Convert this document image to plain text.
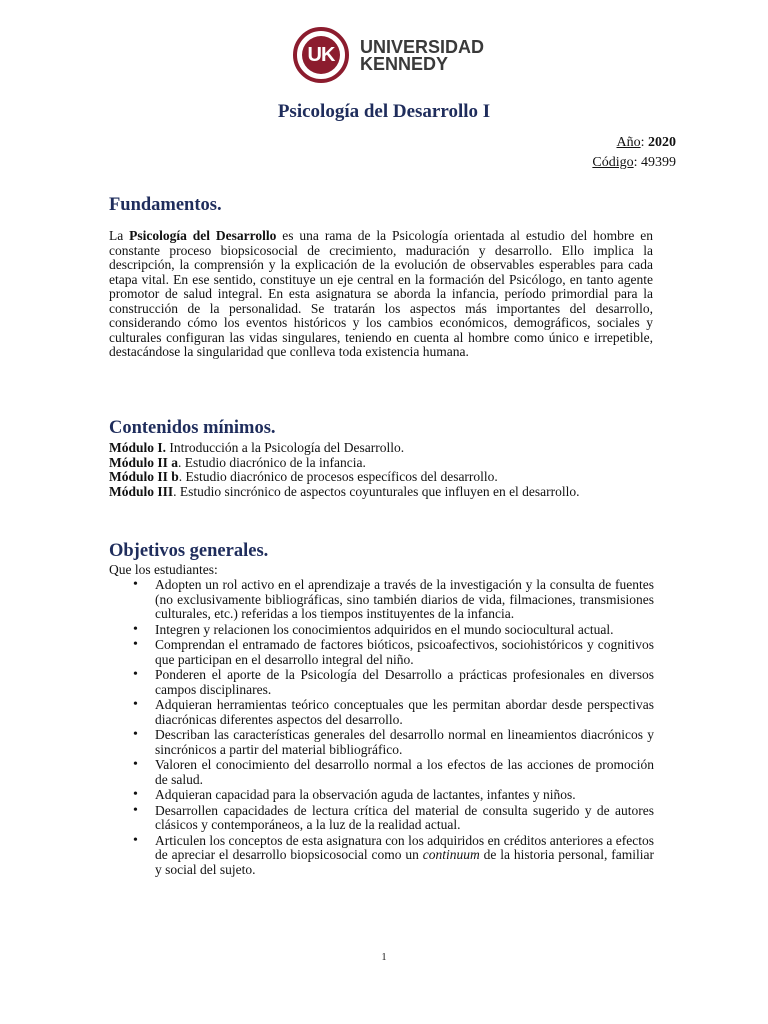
UK	UNIVERSIDAD
KENNEDY
Psicología del Desarrollo I
Año: 2020
Código: 49399
Fundamentos.

La Psicología del Desarrollo es una rama de la Psicología orientada al estudio del hombre en constante proceso biopsicosocial de crecimiento, maduración y desarrollo. Ello implica la descripción, la comprensión y la explicación de la evolución de observables esperables para cada etapa vital. En ese sentido, constituye un eje central en la formación del Psicólogo, en tanto agente promotor de salud integral. En esta asignatura se aborda la infancia, período primordial para la construcción de la personalidad. Se tratarán los aspectos más importantes del desarrollo, considerando cómo los eventos históricos y los cambios económicos, demográficos, sociales y culturales configuran las vidas singulares, teniendo en cuenta al hombre como único e irrepetible, destacándose la singularidad que conlleva toda existencia humana.

Contenidos mínimos.
Módulo I. Introducción a la Psicología del Desarrollo.
Módulo II a. Estudio diacrónico de la infancia.
Módulo II b. Estudio diacrónico de procesos específicos del desarrollo.
Módulo III. Estudio sincrónico de aspectos coyunturales que influyen en el desarrollo.
Objetivos generales.
Que los estudiantes:
• Adopten un rol activo en el aprendizaje a través de la investigación y la consulta de fuentes (no exclusivamente bibliográficas, sino también diarios de vida, filmaciones, transmisiones culturales, etc.) referidas a los tiempos instituyentes de la infancia.
• Integren y relacionen los conocimientos adquiridos en el mundo sociocultural actual.
• Comprendan el entramado de factores bióticos, psicoafectivos, sociohistóricos y cognitivos que participan en el desarrollo integral del niño.
• Ponderen el aporte de la Psicología del Desarrollo a prácticas profesionales en diversos campos disciplinares.
• Adquieran herramientas teórico conceptuales que les permitan abordar desde perspectivas diacrónicas diferentes aspectos del desarrollo.
• Describan las características generales del desarrollo normal en lineamientos diacrónicos y sincrónicos a partir del material bibliográfico.
• Valoren el conocimiento del desarrollo normal a los efectos de las acciones de promoción de salud.
• Adquieran capacidad para la observación aguda de lactantes, infantes y niños.
• Desarrollen capacidades de lectura crítica del material de consulta sugerido y de autores clásicos y contemporáneos, a la luz de la realidad actual.
• Articulen los conceptos de esta asignatura con los adquiridos en créditos anteriores a efectos de apreciar el desarrollo biopsicosocial como un continuum de la historia personal, familiar y social del sujeto.
1
